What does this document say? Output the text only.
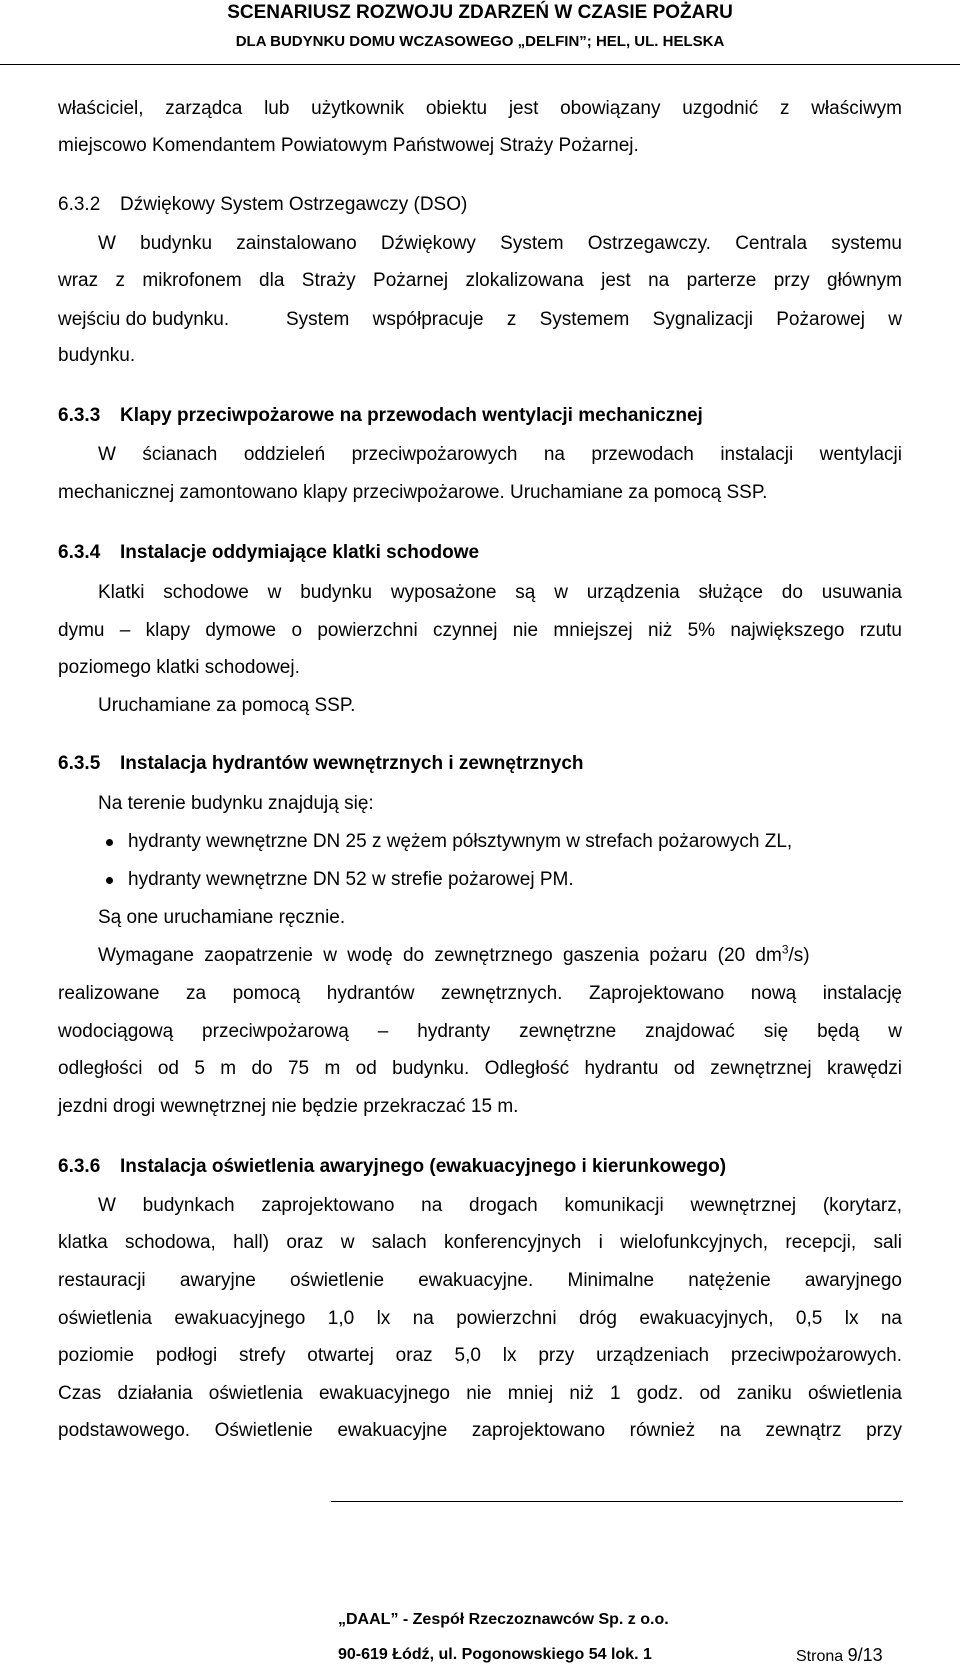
SCENARIUSZ ROZWOJU ZDARZEŃ W CZASIE POŻARU
DLA BUDYNKU DOMU WCZASOWEGO „DELFIN”; HEL, UL. HELSKA
właściciel, zarządca lub użytkownik obiektu jest obowiązany uzgodnić z właściwym
miejscowo Komendantem Powiatowym Państwowej Straży Pożarnej.
6.3.2 Dźwiękowy System Ostrzegawczy (DSO)
W budynku zainstalowano Dźwiękowy System Ostrzegawczy. Centrala systemu
wraz z mikrofonem dla Straży Pożarnej zlokalizowana jest na parterze przy głównym
wejściu do budynku.	System współpracuje z Systemem Sygnalizacji Pożarowej w
budynku.
6.3.3 Klapy przeciwpożarowe na przewodach wentylacji mechanicznej
W ścianach oddzieleń przeciwpożarowych na przewodach instalacji wentylacji
mechanicznej zamontowano klapy przeciwpożarowe. Uruchamiane za pomocą SSP.
6.3.4 Instalacje oddymiające klatki schodowe
Klatki schodowe w budynku wyposażone są w urządzenia służące do usuwania
dymu – klapy dymowe o powierzchni czynnej nie mniejszej niż 5% największego rzutu
poziomego klatki schodowej.
Uruchamiane za pomocą SSP.
6.3.5 Instalacja hydrantów wewnętrznych i zewnętrznych
Na terenie budynku znajdują się:
hydranty wewnętrzne DN 25 z wężem półsztywnym w strefach pożarowych ZL,
hydranty wewnętrzne DN 52 w strefie pożarowej PM.
Są one uruchamiane ręcznie.
Wymagane zaopatrzenie w wodę do zewnętrznego gaszenia pożaru (20 $dm^3/s$)
realizowane za pomocą hydrantów zewnętrznych. Zaprojektowano nową instalację
wodociągową przeciwpożarową – hydranty zewnętrzne znajdować się będą w
odległości od 5 m do 75 m od budynku. Odległość hydrantu od zewnętrznej krawędzi
jezdni drogi wewnętrznej nie będzie przekraczać 15 m.
6.3.6 Instalacja oświetlenia awaryjnego (ewakuacyjnego i kierunkowego)
W budynkach zaprojektowano na drogach komunikacji wewnętrznej (korytarz,
klatka schodowa, hall) oraz w salach konferencyjnych i wielofunkcyjnych, recepcji, sali
restauracji awaryjne oświetlenie ewakuacyjne. Minimalne natężenie awaryjnego
oświetlenia ewakuacyjnego 1,0 lx na powierzchni dróg ewakuacyjnych, 0,5 lx na
poziomie podłogi strefy otwartej oraz 5,0 lx przy urządzeniach przeciwpożarowych.
Czas działania oświetlenia ewakuacyjnego nie mniej niż 1 godz. od zaniku oświetlenia
podstawowego. Oświetlenie ewakuacyjne zaprojektowano również na zewnątrz przy
„DAAL” - Zespół Rzeczoznawców Sp. z o.o.
90-619 Łódź, ul. Pogonowskiego 54 lok. 1	Strona 9/13
